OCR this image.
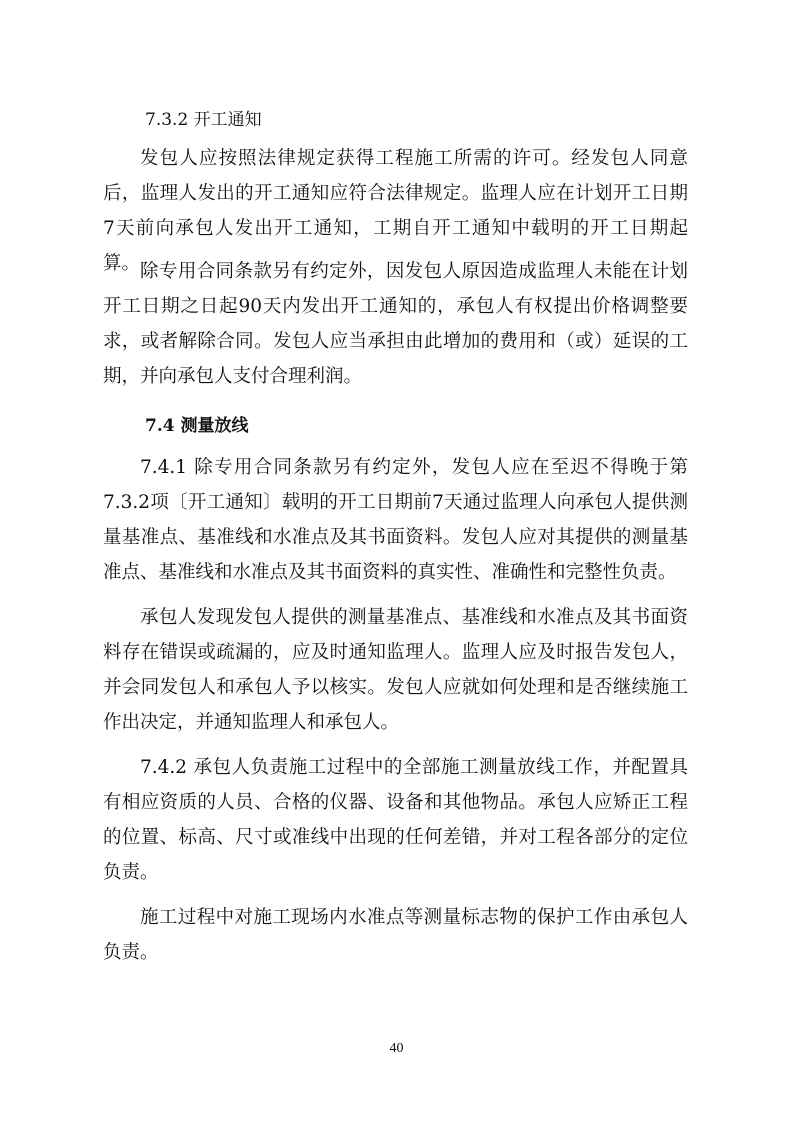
7.3.2 开工通知

发包人应按照法律规定获得工程施工所需的许可。经发包人同意后，监理人发出的开工通知应符合法律规定。监理人应在计划开工日期7天前向承包人发出开工通知，工期自开工通知中载明的开工日期起算。 除专用合同条款另有约定外，因发包人原因造成监理人未能在计划开工日期之日起90天内发出开工通知的，承包人有权提出价格调整要求，或者解除合同。发包人应当承担由此增加的费用和（或）延误的工期，并向承包人支付合理利润。

7.4 测量放线

7.4.1 除专用合同条款另有约定外，发包人应在至迟不得晚于第7.3.2项〔开工通知〕载明的开工日期前7天通过监理人向承包人提供测量基准点、基准线和水准点及其书面资料。发包人应对其提供的测量基准点、基准线和水准点及其书面资料的真实性、准确性和完整性负责。

承包人发现发包人提供的测量基准点、基准线和水准点及其书面资料存在错误或疏漏的，应及时通知监理人。监理人应及时报告发包人，并会同发包人和承包人予以核实。发包人应就如何处理和是否继续施工作出决定，并通知监理人和承包人。

7.4.2 承包人负责施工过程中的全部施工测量放线工作，并配置具有相应资质的人员、合格的仪器、设备和其他物品。承包人应矫正工程的位置、标高、尺寸或准线中出现的任何差错，并对工程各部分的定位负责。

施工过程中对施工现场内水准点等测量标志物的保护工作由承包人负责。

40
